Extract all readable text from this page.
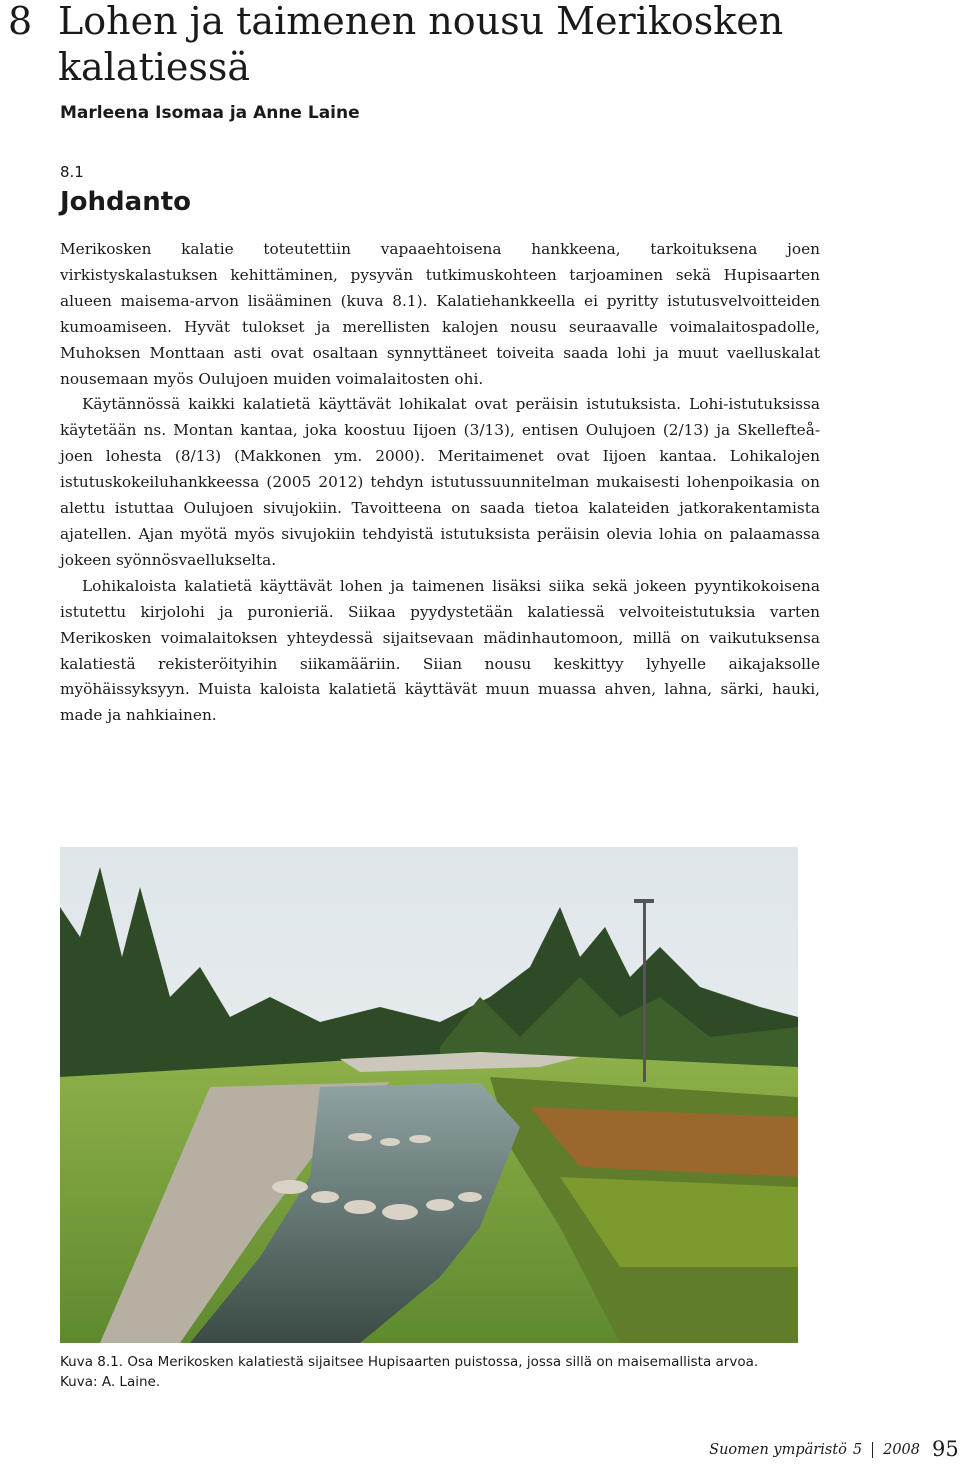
8 Lohen ja taimenen nousu Merikosken kalatiessä
Marleena Isomaa ja Anne Laine
8.1
Johdanto

Merikosken kalatie toteutettiin vapaaehtoisena hankkeena, tarkoituksena joen virkistyskalastuksen kehittäminen, pysyvän tutkimuskohteen tarjoaminen sekä Hupisaarten alueen maisema-arvon lisääminen (kuva 8.1). Kalatiehankkeella ei pyritty istutusvelvoitteiden kumoamiseen. Hyvät tulokset ja merellisten kalojen nousu seuraavalle voimalaitospadolle, Muhoksen Monttaan asti ovat osaltaan synnyttäneet toiveita saada lohi ja muut vaelluskalat nousemaan myös Oulujoen muiden voimalaitosten ohi.

Käytännössä kaikki kalatietä käyttävät lohikalat ovat peräisin istutuksista. Lohi-istutuksissa käytetään ns. Montan kantaa, joka koostuu Iijoen (3/13), entisen Oulujoen (2/13) ja Skellefteå-joen lohesta (8/13) (Makkonen ym. 2000). Meritaimenet ovat Iijoen kantaa. Lohikalojen istutuskokeiluhankkeessa (2005 2012) tehdyn istutussuunnitelman mukaisesti lohenpoikasia on alettu istuttaa Oulujoen sivujokiin. Tavoitteena on saada tietoa kalateiden jatkorakentamista ajatellen. Ajan myötä myös sivujokiin tehdyistä istutuksista peräisin olevia lohia on palaamassa jokeen syönnösvaellukselta.

Lohikaloista kalatietä käyttävät lohen ja taimenen lisäksi siika sekä jokeen pyyntikokoisena istutettu kirjolohi ja puronieriä. Siikaa pyydystetään kalatiessä velvoiteistutuksia varten Merikosken voimalaitoksen yhteydessä sijaitsevaan mädinhautomoon, millä on vaikutuksensa kalatiestä rekisteröityihin siikamääriin. Siian nousu keskittyy lyhyelle aikajaksolle myöhäissyksyyn. Muista kaloista kalatietä käyttävät muun muassa ahven, lahna, särki, hauki, made ja nahkiainen.

Kuva 8.1. Osa Merikosken kalatiestä sijaitsee Hupisaarten puistossa, jossa sillä on maisemallista arvoa.
Kuva: A. Laine.
Suomen ympäristö 5 2008 95
